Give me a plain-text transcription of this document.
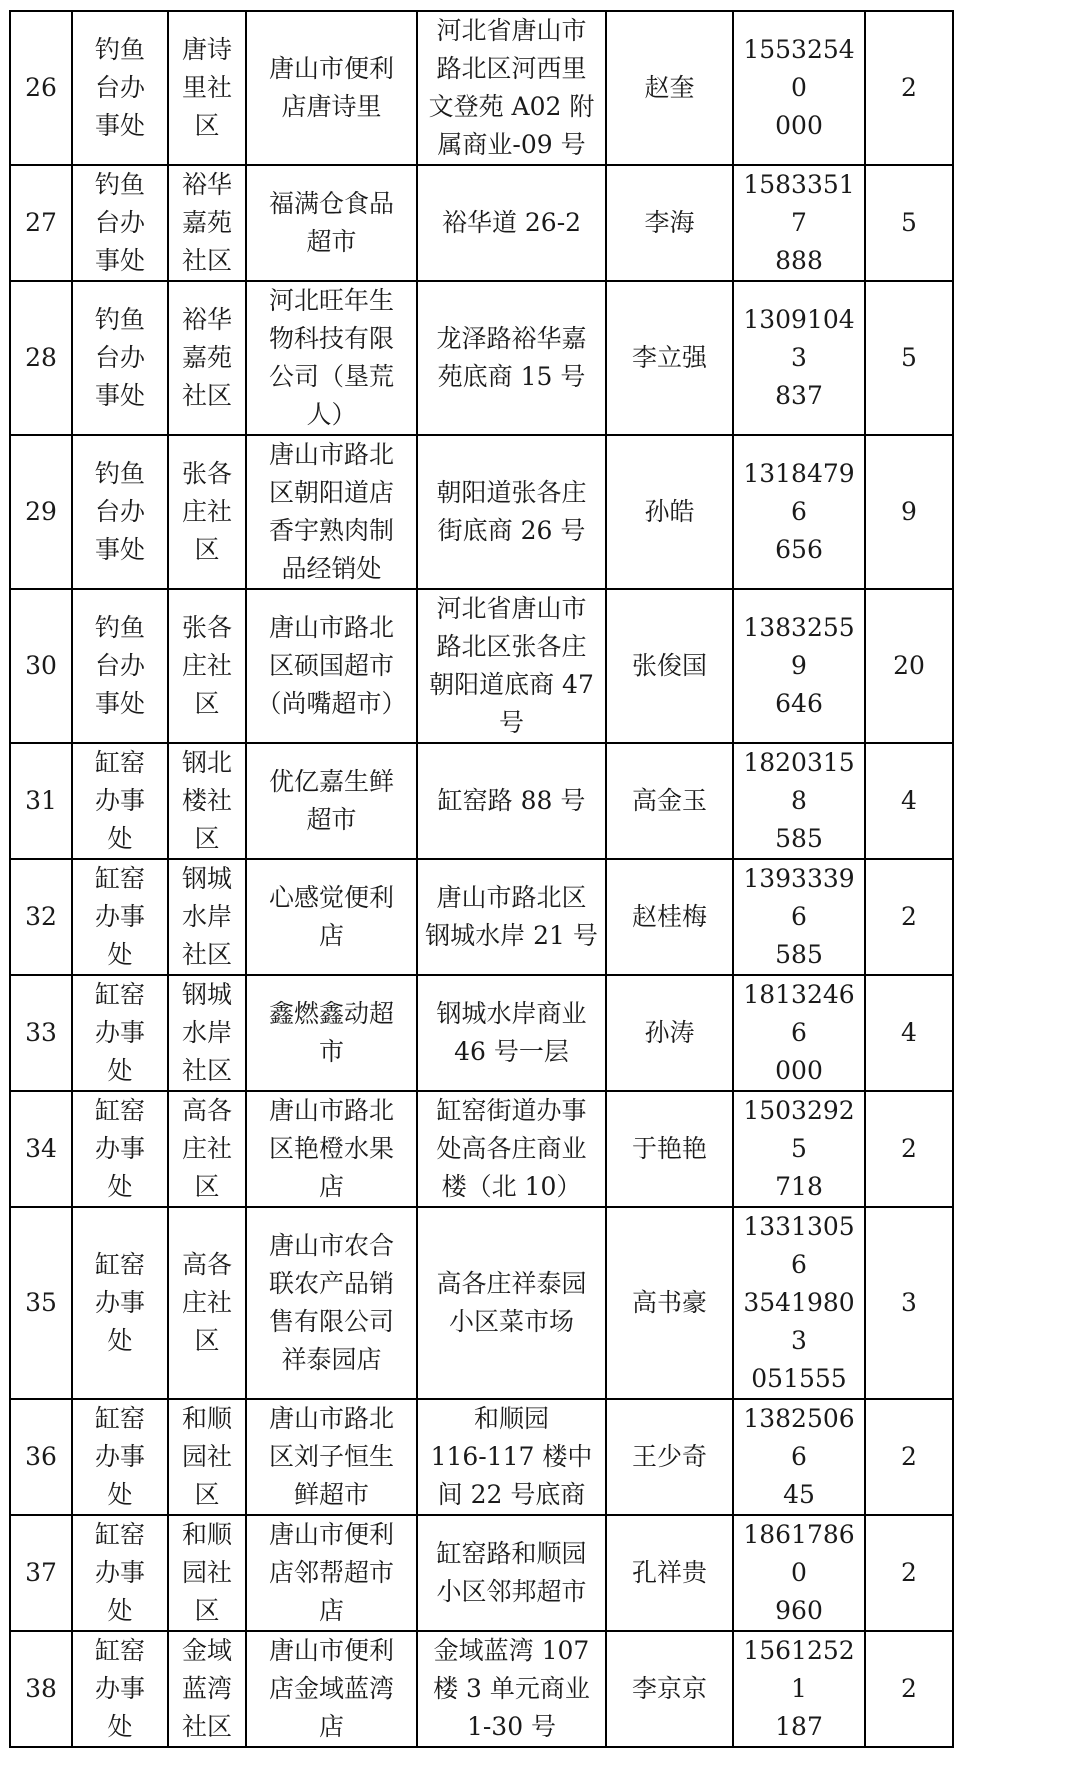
26	钓鱼
台办
事处	唐诗
里社
区	唐山市便利
店唐诗里	河北省唐山市
路北区河西里
文登苑 A02 附
属商业-09 号	赵奎	15532540
000	2
27	钓鱼
台办
事处	裕华
嘉苑
社区	福满仓食品
超市	裕华道 26-2	李海	15833517
888	5
28	钓鱼
台办
事处	裕华
嘉苑
社区	河北旺年生
物科技有限
公司（垦荒
人）	龙泽路裕华嘉
苑底商 15 号	李立强	13091043
837	5
29	钓鱼
台办
事处	张各
庄社
区	唐山市路北
区朝阳道店
香宇熟肉制
品经销处	朝阳道张各庄
街底商 26 号	孙皓	13184796
656	9
30	钓鱼
台办
事处	张各
庄社
区	唐山市路北
区硕国超市
（尚嘴超市）	河北省唐山市
路北区张各庄
朝阳道底商 47
号	张俊国	13832559
646	20
31	缸窑
办事
处	钢北
楼社
区	优亿嘉生鲜
超市	缸窑路 88 号	高金玉	18203158
585	4
32	缸窑
办事
处	钢城
水岸
社区	心感觉便利
店	唐山市路北区
钢城水岸 21 号	赵桂梅	13933396
585	2
33	缸窑
办事
处	钢城
水岸
社区	鑫燃鑫动超
市	钢城水岸商业
46 号一层	孙涛	18132466
000	4
34	缸窑
办事
处	高各
庄社
区	唐山市路北
区艳橙水果
店	缸窑街道办事
处高各庄商业
楼（北 10）	于艳艳	15032925
718	2
35	缸窑
办事
处	高各
庄社
区	唐山市农合
联农产品销
售有限公司
祥泰园店	高各庄祥泰园
小区菜市场	高书豪	13313056
35419803
051555	3
36	缸窑
办事
处	和顺
园社
区	唐山市路北
区刘子恒生
鲜超市	和顺园
116-117 楼中
间 22 号底商	王少奇	13825066
45	2
37	缸窑
办事
处	和顺
园社
区	唐山市便利
店邻帮超市
店	缸窑路和顺园
小区邻邦超市	孔祥贵	18617860
960	2
38	缸窑
办事
处	金域
蓝湾
社区	唐山市便利
店金域蓝湾
店	金域蓝湾 107
楼 3 单元商业
1-30 号	李京京	15612521
187	2
